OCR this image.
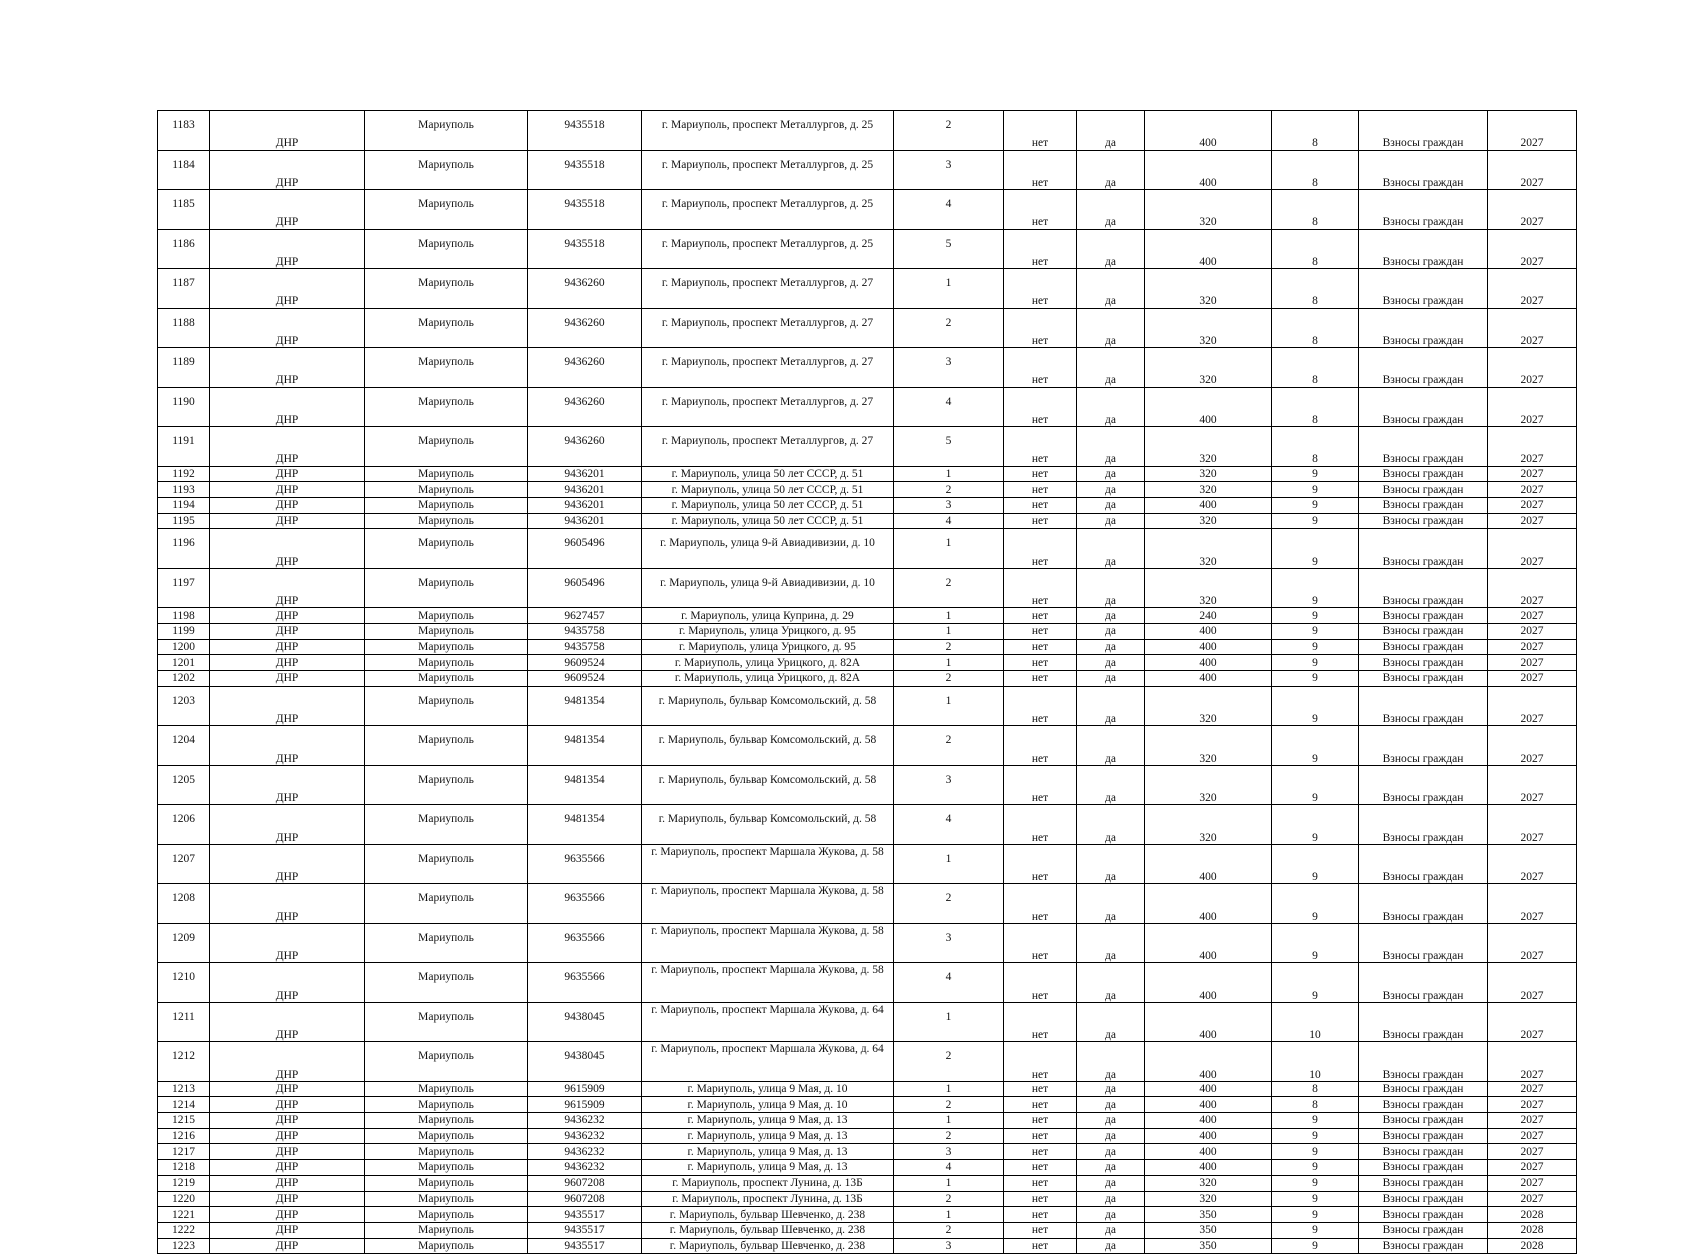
1183	ДНР	Мариуполь	9435518	г. Мариуполь, проспект Металлургов, д. 25	2	нет	да	400	8	Взносы граждан	2027
1184	ДНР	Мариуполь	9435518	г. Мариуполь, проспект Металлургов, д. 25	3	нет	да	400	8	Взносы граждан	2027
1185	ДНР	Мариуполь	9435518	г. Мариуполь, проспект Металлургов, д. 25	4	нет	да	320	8	Взносы граждан	2027
1186	ДНР	Мариуполь	9435518	г. Мариуполь, проспект Металлургов, д. 25	5	нет	да	400	8	Взносы граждан	2027
1187	ДНР	Мариуполь	9436260	г. Мариуполь, проспект Металлургов, д. 27	1	нет	да	320	8	Взносы граждан	2027
1188	ДНР	Мариуполь	9436260	г. Мариуполь, проспект Металлургов, д. 27	2	нет	да	320	8	Взносы граждан	2027
1189	ДНР	Мариуполь	9436260	г. Мариуполь, проспект Металлургов, д. 27	3	нет	да	320	8	Взносы граждан	2027
1190	ДНР	Мариуполь	9436260	г. Мариуполь, проспект Металлургов, д. 27	4	нет	да	400	8	Взносы граждан	2027
1191	ДНР	Мариуполь	9436260	г. Мариуполь, проспект Металлургов, д. 27	5	нет	да	320	8	Взносы граждан	2027
1192	ДНР	Мариуполь	9436201	г. Мариуполь, улица 50 лет СССР, д. 51	1	нет	да	320	9	Взносы граждан	2027
1193	ДНР	Мариуполь	9436201	г. Мариуполь, улица 50 лет СССР, д. 51	2	нет	да	320	9	Взносы граждан	2027
1194	ДНР	Мариуполь	9436201	г. Мариуполь, улица 50 лет СССР, д. 51	3	нет	да	400	9	Взносы граждан	2027
1195	ДНР	Мариуполь	9436201	г. Мариуполь, улица 50 лет СССР, д. 51	4	нет	да	320	9	Взносы граждан	2027
1196	ДНР	Мариуполь	9605496	г. Мариуполь, улица 9-й Авиадивизии, д. 10	1	нет	да	320	9	Взносы граждан	2027
1197	ДНР	Мариуполь	9605496	г. Мариуполь, улица 9-й Авиадивизии, д. 10	2	нет	да	320	9	Взносы граждан	2027
1198	ДНР	Мариуполь	9627457	г. Мариуполь, улица Куприна, д. 29	1	нет	да	240	9	Взносы граждан	2027
1199	ДНР	Мариуполь	9435758	г. Мариуполь, улица Урицкого, д. 95	1	нет	да	400	9	Взносы граждан	2027
1200	ДНР	Мариуполь	9435758	г. Мариуполь, улица Урицкого, д. 95	2	нет	да	400	9	Взносы граждан	2027
1201	ДНР	Мариуполь	9609524	г. Мариуполь, улица Урицкого, д. 82А	1	нет	да	400	9	Взносы граждан	2027
1202	ДНР	Мариуполь	9609524	г. Мариуполь, улица Урицкого, д. 82А	2	нет	да	400	9	Взносы граждан	2027
1203	ДНР	Мариуполь	9481354	г. Мариуполь, бульвар Комсомольский, д. 58	1	нет	да	320	9	Взносы граждан	2027
1204	ДНР	Мариуполь	9481354	г. Мариуполь, бульвар Комсомольский, д. 58	2	нет	да	320	9	Взносы граждан	2027
1205	ДНР	Мариуполь	9481354	г. Мариуполь, бульвар Комсомольский, д. 58	3	нет	да	320	9	Взносы граждан	2027
1206	ДНР	Мариуполь	9481354	г. Мариуполь, бульвар Комсомольский, д. 58	4	нет	да	320	9	Взносы граждан	2027
1207	ДНР	Мариуполь	9635566	г. Мариуполь, проспект Маршала Жукова, д. 58	1	нет	да	400	9	Взносы граждан	2027
1208	ДНР	Мариуполь	9635566	г. Мариуполь, проспект Маршала Жукова, д. 58	2	нет	да	400	9	Взносы граждан	2027
1209	ДНР	Мариуполь	9635566	г. Мариуполь, проспект Маршала Жукова, д. 58	3	нет	да	400	9	Взносы граждан	2027
1210	ДНР	Мариуполь	9635566	г. Мариуполь, проспект Маршала Жукова, д. 58	4	нет	да	400	9	Взносы граждан	2027
1211	ДНР	Мариуполь	9438045	г. Мариуполь, проспект Маршала Жукова, д. 64	1	нет	да	400	10	Взносы граждан	2027
1212	ДНР	Мариуполь	9438045	г. Мариуполь, проспект Маршала Жукова, д. 64	2	нет	да	400	10	Взносы граждан	2027
1213	ДНР	Мариуполь	9615909	г. Мариуполь, улица 9 Мая, д. 10	1	нет	да	400	8	Взносы граждан	2027
1214	ДНР	Мариуполь	9615909	г. Мариуполь, улица 9 Мая, д. 10	2	нет	да	400	8	Взносы граждан	2027
1215	ДНР	Мариуполь	9436232	г. Мариуполь, улица 9 Мая, д. 13	1	нет	да	400	9	Взносы граждан	2027
1216	ДНР	Мариуполь	9436232	г. Мариуполь, улица 9 Мая, д. 13	2	нет	да	400	9	Взносы граждан	2027
1217	ДНР	Мариуполь	9436232	г. Мариуполь, улица 9 Мая, д. 13	3	нет	да	400	9	Взносы граждан	2027
1218	ДНР	Мариуполь	9436232	г. Мариуполь, улица 9 Мая, д. 13	4	нет	да	400	9	Взносы граждан	2027
1219	ДНР	Мариуполь	9607208	г. Мариуполь, проспект Лунина, д. 13Б	1	нет	да	320	9	Взносы граждан	2027
1220	ДНР	Мариуполь	9607208	г. Мариуполь, проспект Лунина, д. 13Б	2	нет	да	320	9	Взносы граждан	2027
1221	ДНР	Мариуполь	9435517	г. Мариуполь, бульвар Шевченко, д. 238	1	нет	да	350	9	Взносы граждан	2028
1222	ДНР	Мариуполь	9435517	г. Мариуполь, бульвар Шевченко, д. 238	2	нет	да	350	9	Взносы граждан	2028
1223	ДНР	Мариуполь	9435517	г. Мариуполь, бульвар Шевченко, д. 238	3	нет	да	350	9	Взносы граждан	2028
